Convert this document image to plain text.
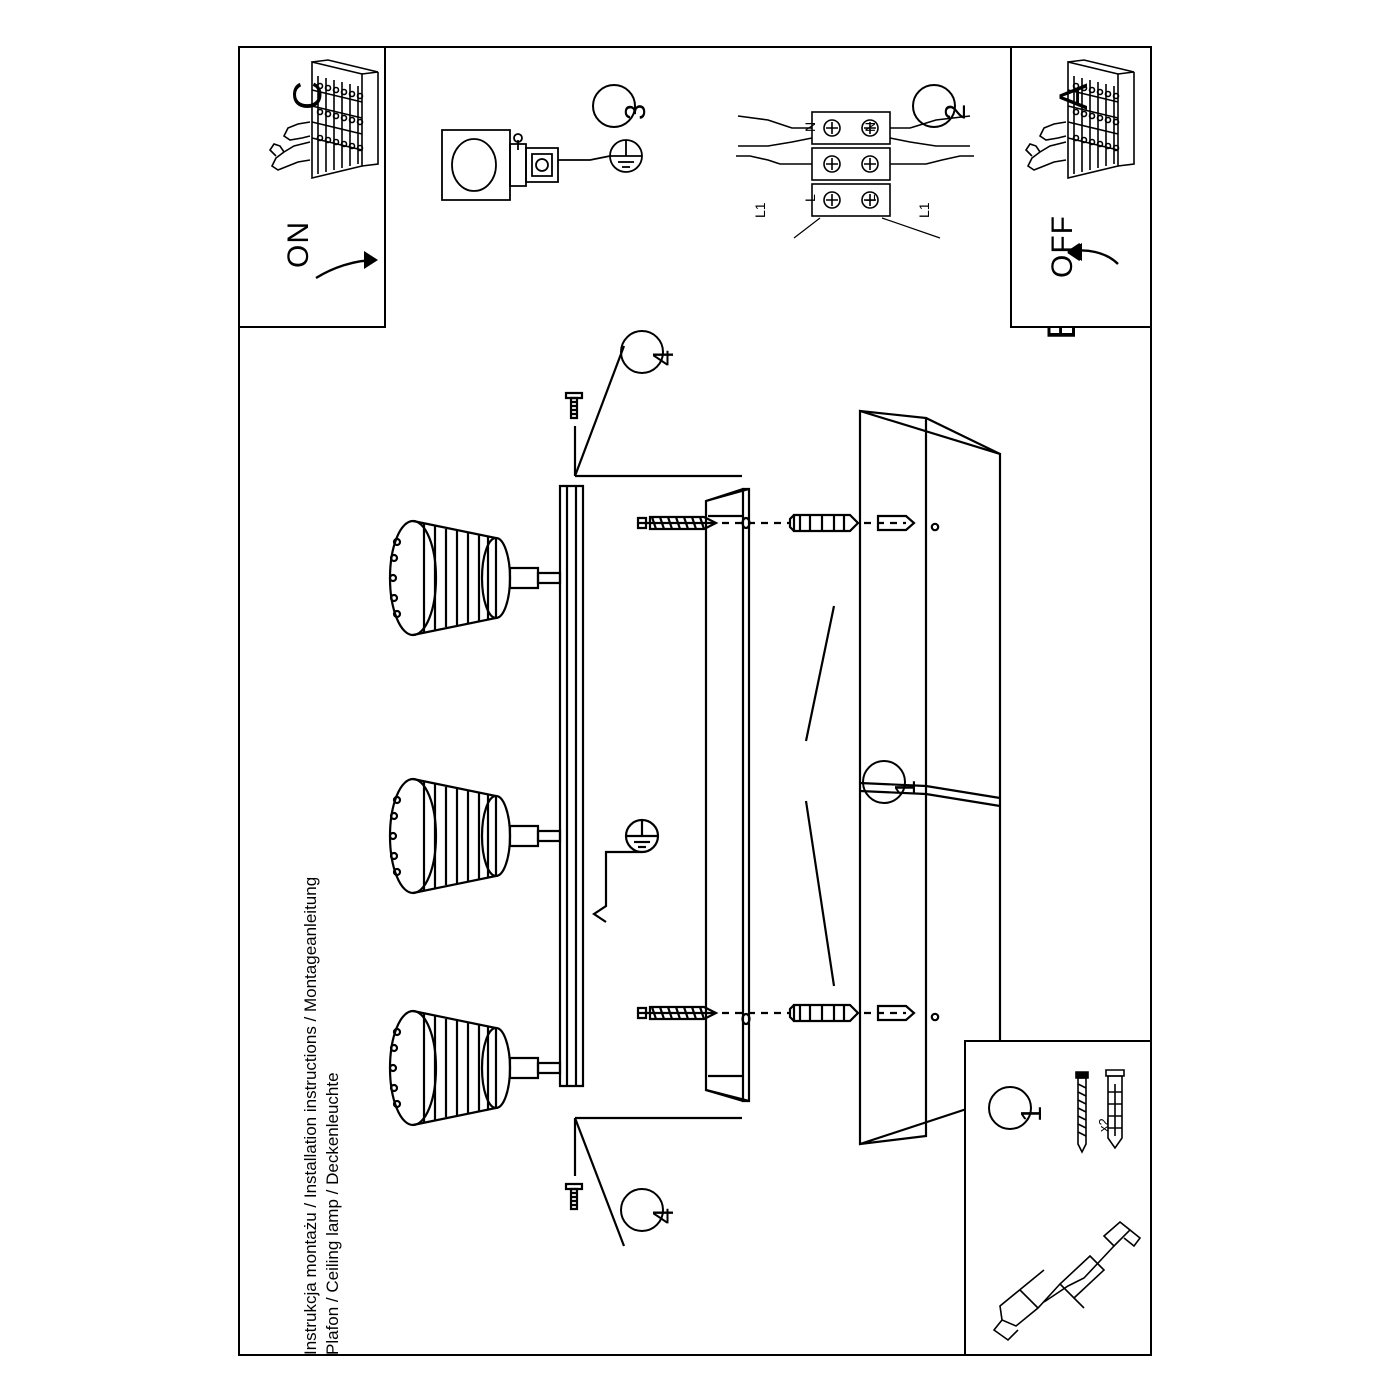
Instrukcja montażu / Installation instructions / Montageanleitung Plafon / Ceiling lamp / Deckenleuchte
1
4
4
A
OFF
C
ON
3
N	N
L	L
L1	L1
2
1
x2
